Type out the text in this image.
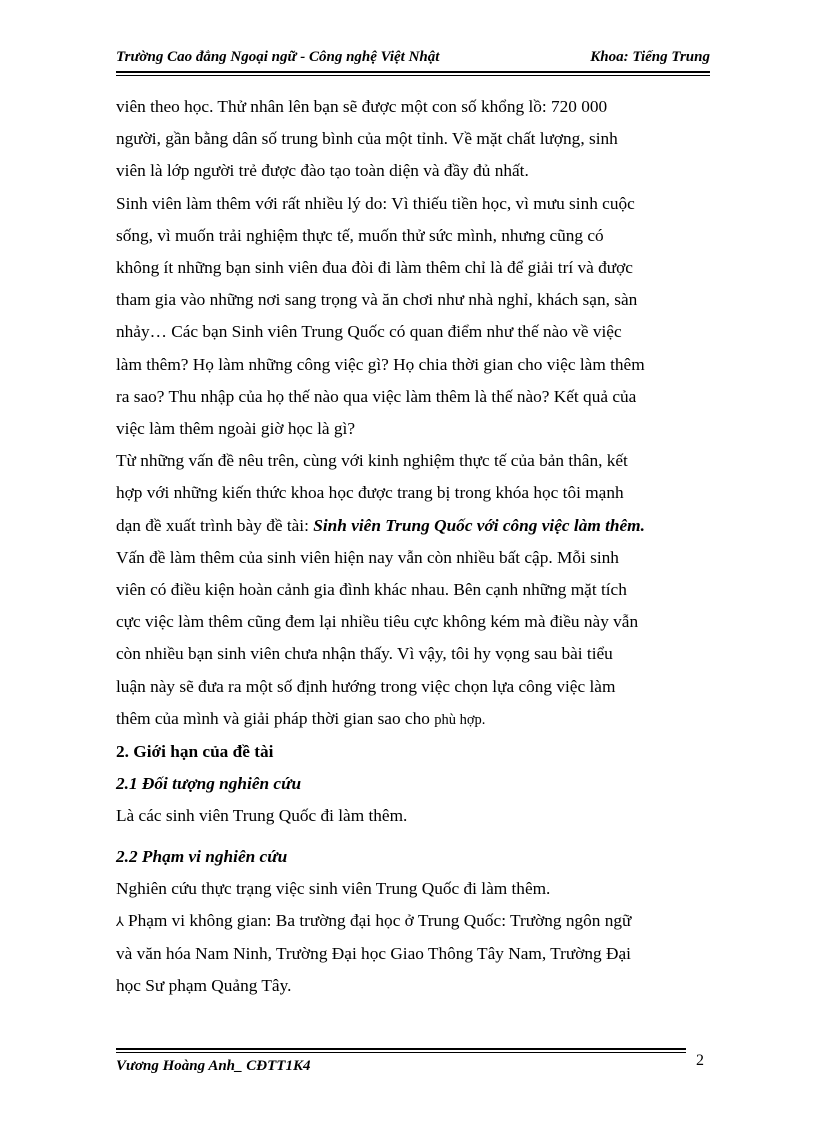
Trường Cao đẳng Ngoại ngữ - Công nghệ Việt Nhật	Khoa: Tiếng Trung

viên theo học. Thử nhân lên bạn sẽ được một con số khổng lồ: 720 000

người, gần bằng dân số trung bình của một tỉnh. Về mặt chất lượng, sinh

viên là lớp người trẻ được đào tạo toàn diện và đầy đủ nhất.

Sinh viên làm thêm với rất nhiều lý do: Vì thiếu tiền học, vì mưu sinh cuộc

sống, vì muốn trải nghiệm thực tế, muốn thử sức mình, nhưng cũng có

không ít những bạn sinh viên đua đòi đi làm thêm chỉ là để giải trí và được

tham gia vào những nơi sang trọng và ăn chơi như nhà nghỉ, khách sạn, sàn

nhảy… Các bạn Sinh viên Trung Quốc có quan điểm như thế nào về việc

làm thêm? Họ làm những công việc gì? Họ chia thời gian cho việc làm thêm

ra sao? Thu nhập của họ thế nào qua việc làm thêm là thế nào? Kết quả của

việc làm thêm ngoài giờ học là gì?

Từ những vấn đề nêu trên, cùng với kinh nghiệm thực tế của bản thân, kết

hợp với những kiến thức khoa học được trang bị trong khóa học tôi mạnh

dạn đề xuất trình bày đề tài: Sinh viên Trung Quốc với công việc làm thêm.

Vấn đề làm thêm của sinh viên hiện nay vẫn còn nhiều bất cập. Mỗi sinh

viên có điều kiện hoàn cảnh gia đình khác nhau. Bên cạnh những mặt tích

cực việc làm thêm cũng đem lại nhiều tiêu cực không kém mà điều này vẫn

còn nhiều bạn sinh viên chưa nhận thấy. Vì vậy, tôi hy vọng sau bài tiểu

luận này sẽ đưa ra một số định hướng trong việc chọn lựa công việc làm

thêm của mình và giải pháp thời gian sao cho phù hợp.

2. Giới hạn của đề tài

2.1 Đối tượng nghiên cứu

Là các sinh viên Trung Quốc đi làm thêm.

2.2 Phạm vi nghiên cứu

Nghiên cứu thực trạng việc sinh viên Trung Quốc đi làm thêm.

⅄ Phạm vi không gian: Ba trường đại học ở Trung Quốc: Trường ngôn ngữ

và văn hóa Nam Ninh, Trường Đại học Giao Thông Tây Nam, Trường Đại

học Sư phạm Quảng Tây.

Vương Hoàng Anh_ CĐTT1K4	2
